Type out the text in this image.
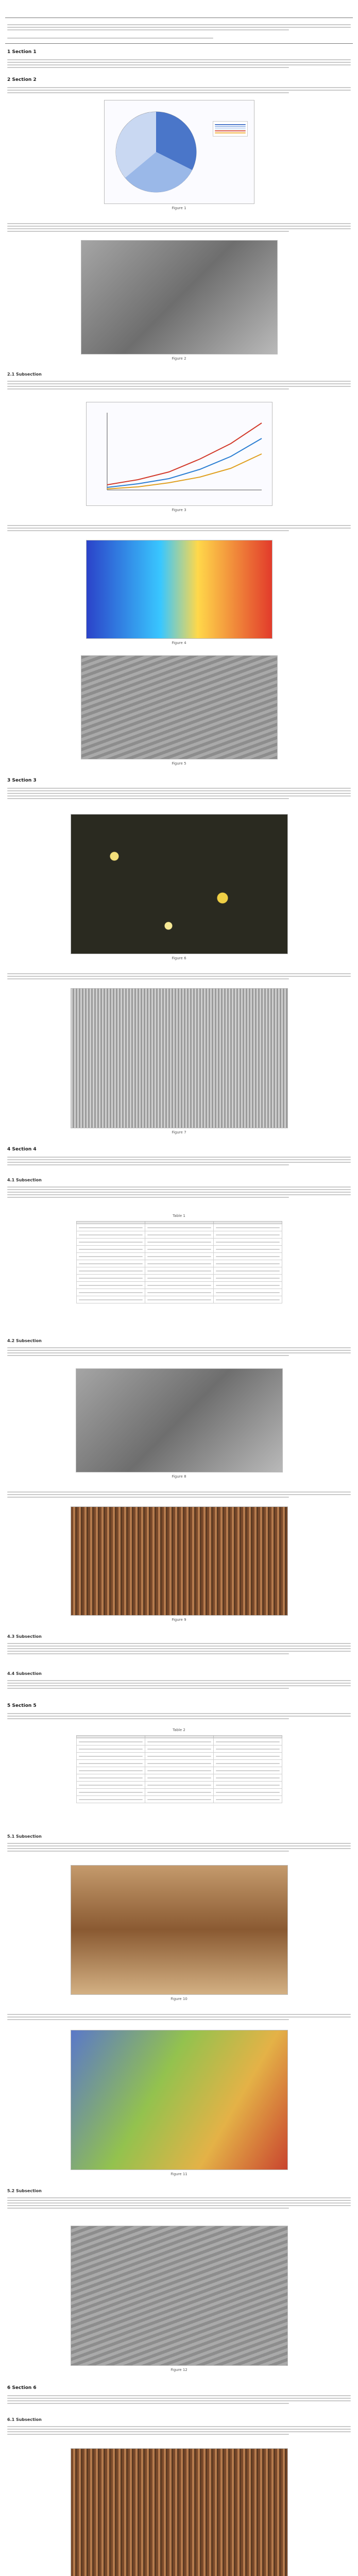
1 Section 1
2 Section 2
Figure 1
Figure 2
2.1 Subsection
Figure 3
Figure 4
Figure 5
3 Section 3
Figure 6
Figure 7
4 Section 4
4.1 Subsection
Table 1

4.2 Subsection
Figure 8
Figure 9
4.3 Subsection
4.4 Subsection
5 Section 5
Table 2

5.1 Subsection
Figure 10
Figure 11
5.2 Subsection
Figure 12
6 Section 6
6.1 Subsection
